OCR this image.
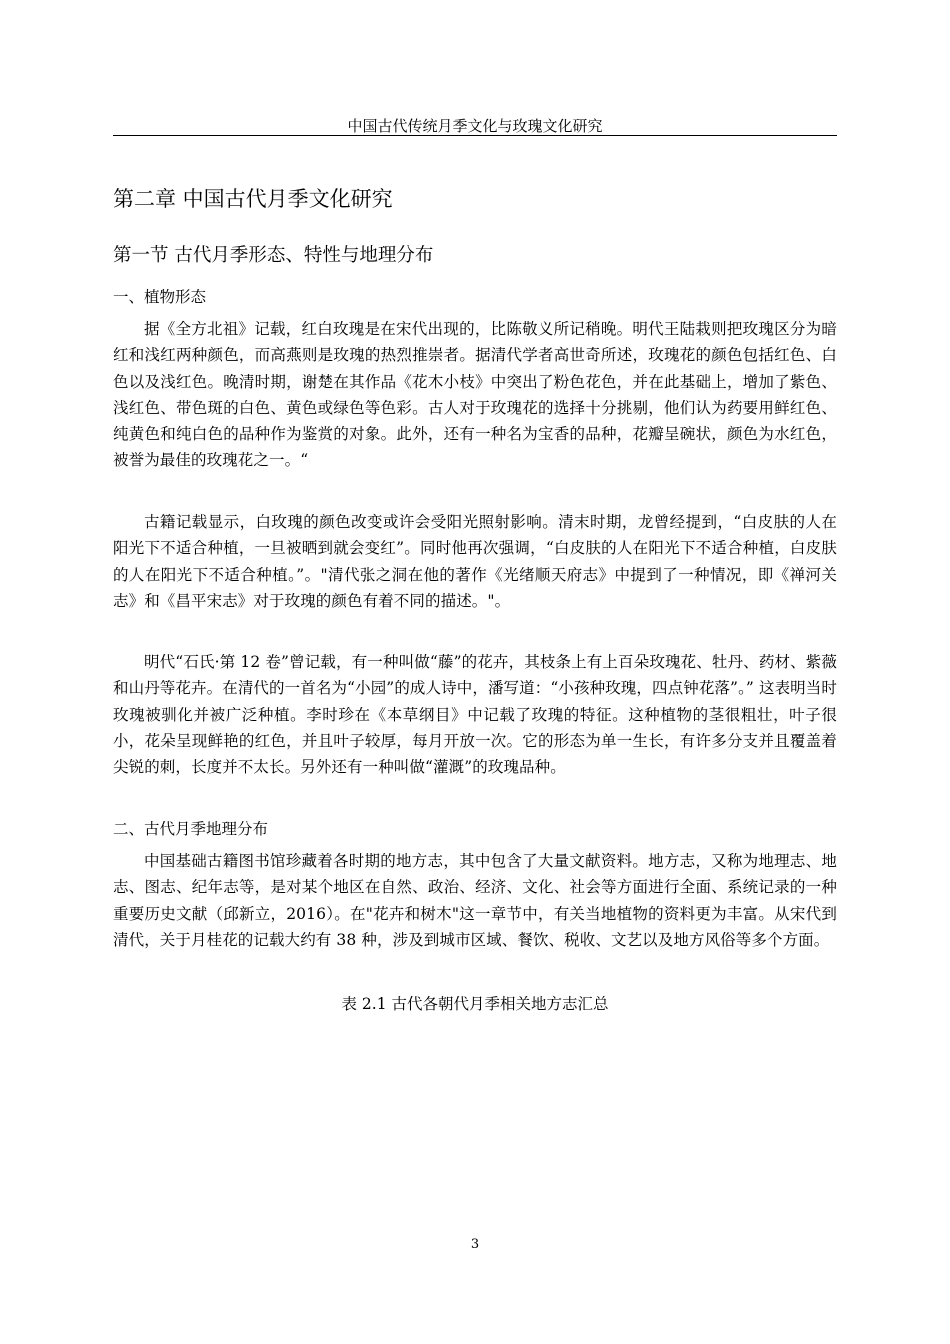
中国古代传统月季文化与玫瑰文化研究
第二章 中国古代月季文化研究
第一节 古代月季形态、特性与地理分布
一、植物形态

据《全方北祖》记载，红白玫瑰是在宋代出现的，比陈敬义所记稍晚。明代王陆栽则把玫瑰区分为暗红和浅红两种颜色，而高燕则是玫瑰的热烈推崇者。据清代学者高世奇所述，玫瑰花的颜色包括红色、白色以及浅红色。晚清时期，谢楚在其作品《花木小枝》中突出了粉色花色，并在此基础上，增加了紫色、浅红色、带色斑的白色、黄色或绿色等色彩。古人对于玫瑰花的选择十分挑剔，他们认为药要用鲜红色、纯黄色和纯白色的品种作为鉴赏的对象。此外，还有一种名为宝香的品种，花瓣呈碗状，颜色为水红色，被誉为最佳的玫瑰花之一。“

古籍记载显示，白玫瑰的颜色改变或许会受阳光照射影响。清末时期，龙曾经提到，“白皮肤的人在阳光下不适合种植，一旦被晒到就会变红”。同时他再次强调，“白皮肤的人在阳光下不适合种植，白皮肤的人在阳光下不适合种植。”。"清代张之洞在他的著作《光绪顺天府志》中提到了一种情况，即《禅河关志》和《昌平宋志》对于玫瑰的颜色有着不同的描述。"。

明代“石氏·第 12 卷”曾记载，有一种叫做“藤”的花卉，其枝条上有上百朵玫瑰花、牡丹、药材、紫薇和山丹等花卉。在清代的一首名为“小园”的成人诗中，潘写道：“小孩种玫瑰，四点钟花落”。” 这表明当时玫瑰被驯化并被广泛种植。李时珍在《本草纲目》中记载了玫瑰的特征。这种植物的茎很粗壮，叶子很小，花朵呈现鲜艳的红色，并且叶子较厚，每月开放一次。它的形态为单一生长，有许多分支并且覆盖着尖锐的刺，长度并不太长。另外还有一种叫做“灌溉”的玫瑰品种。

二、古代月季地理分布

中国基础古籍图书馆珍藏着各时期的地方志，其中包含了大量文献资料。地方志，又称为地理志、地志、图志、纪年志等，是对某个地区在自然、政治、经济、文化、社会等方面进行全面、系统记录的一种重要历史文献（邱新立，2016）。在"花卉和树木"这一章节中，有关当地植物的资料更为丰富。从宋代到清代，关于月桂花的记载大约有 38 种，涉及到城市区域、餐饮、税收、文艺以及地方风俗等多个方面。

表 2.1 古代各朝代月季相关地方志汇总
3
